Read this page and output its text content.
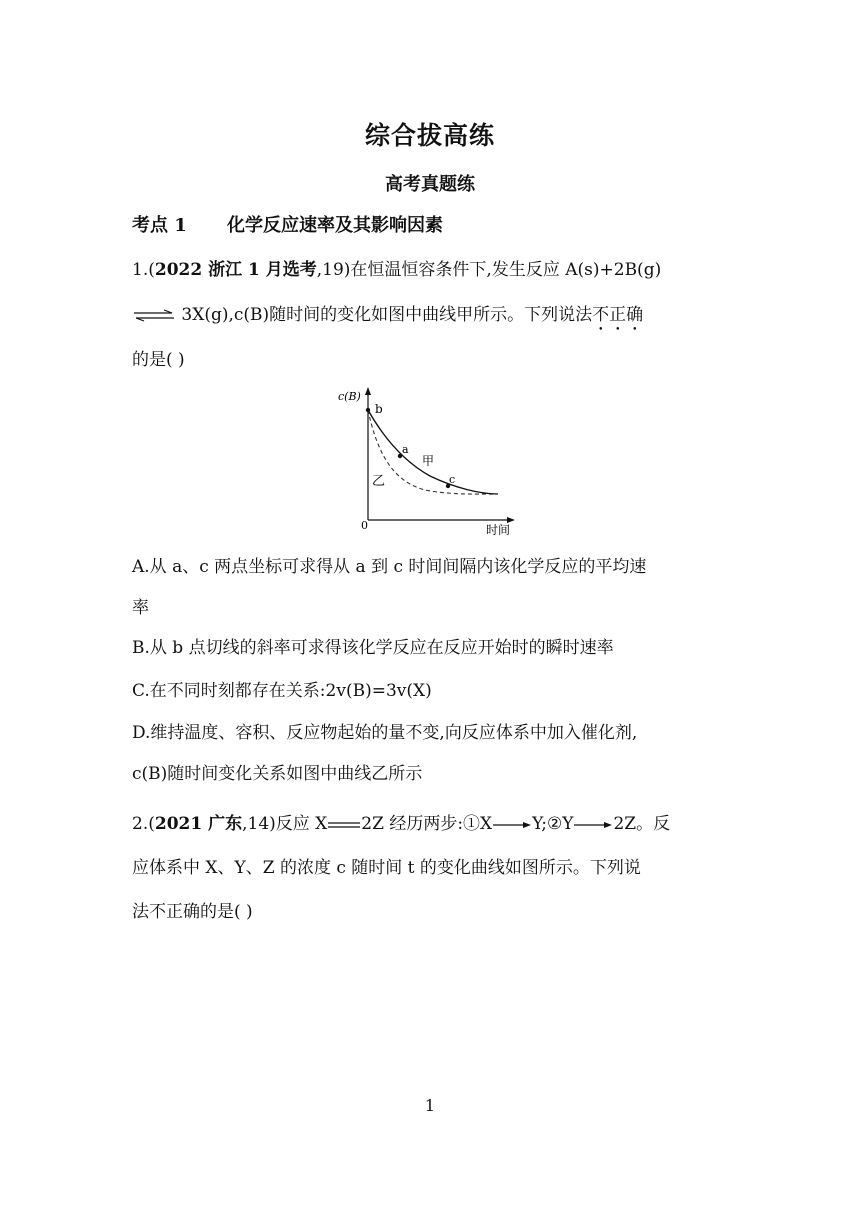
综合拔高练
高考真题练
考点 1 化学反应速率及其影响因素
1.(2022 浙江 1 月选考,19)在恒温恒容条件下,发生反应 A(s)+2B(g)
⇌ 3X(g),c(B)随时间的变化如图中曲线甲所示。下列说法不正确
的是( )
c(B)
时间
0
b
a
c
甲
乙
A.从 a、c 两点坐标可求得从 a 到 c 时间间隔内该化学反应的平均速
率
B.从 b 点切线的斜率可求得该化学反应在反应开始时的瞬时速率
C.在不同时刻都存在关系:2v(B)=3v(X)
D.维持温度、容积、反应物起始的量不变,向反应体系中加入催化剂,
c(B)随时间变化关系如图中曲线乙所示
2.(2021 广东,14)反应 X 2Z 经历两步:①X Y;②Y 2Z。反
应体系中 X、Y、Z 的浓度 c 随时间 t 的变化曲线如图所示。下列说
法不正确的是( )
1
